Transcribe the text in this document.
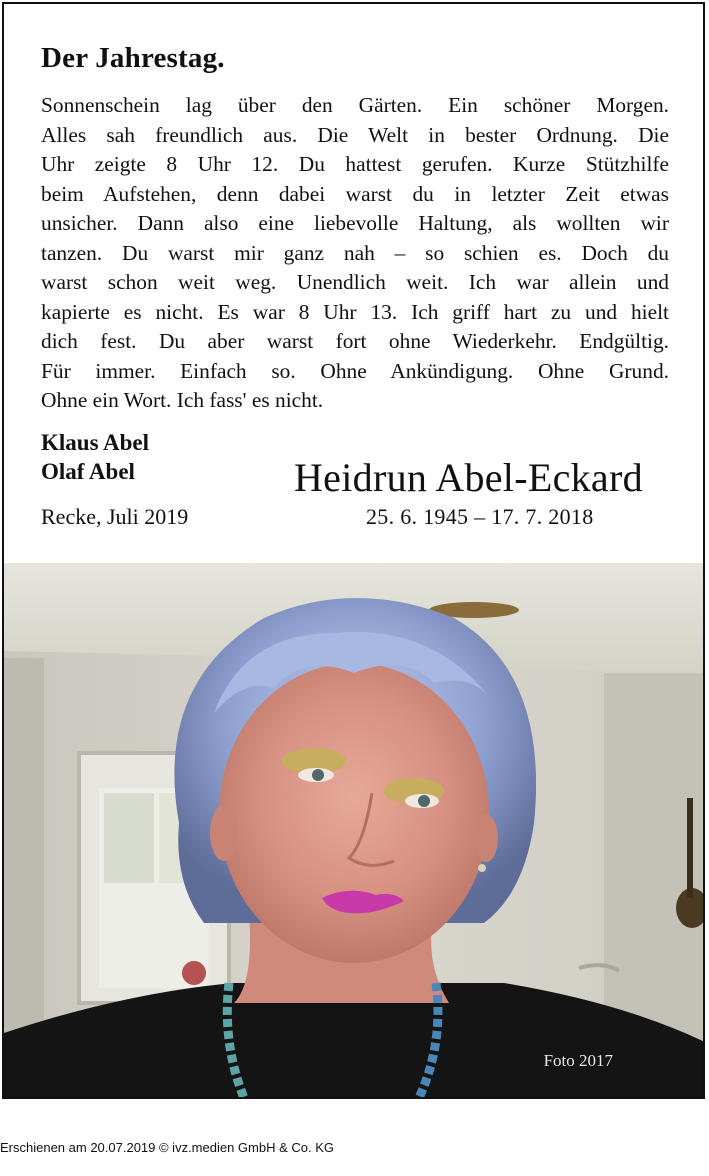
Der Jahrestag.
Sonnenschein lag über den Gärten. Ein schöner Morgen.
Alles sah freundlich aus. Die Welt in bester Ordnung. Die
Uhr zeigte 8 Uhr 12. Du hattest gerufen. Kurze Stützhilfe
beim Aufstehen, denn dabei warst du in letzter Zeit etwas
unsicher. Dann also eine liebevolle Haltung, als wollten wir
tanzen. Du warst mir ganz nah – so schien es. Doch du
warst schon weit weg. Unendlich weit. Ich war allein und
kapierte es nicht. Es war 8 Uhr 13. Ich griff hart zu und hielt
dich fest. Du aber warst fort ohne Wiederkehr. Endgültig.
Für immer. Einfach so. Ohne Ankündigung. Ohne Grund.
Ohne ein Wort. Ich fass' es nicht.
Klaus Abel
Olaf Abel
Recke, Juli 2019
Heidrun Abel-Eckard
25. 6. 1945 – 17. 7. 2018
Foto 2017
Erschienen am 20.07.2019 © ivz.medien GmbH & Co. KG
